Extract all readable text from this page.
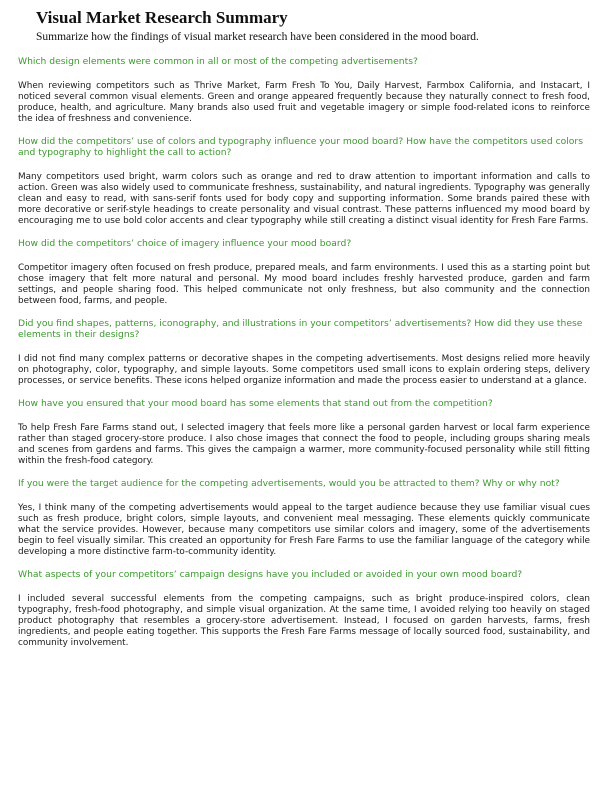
Visual Market Research Summary

Summarize how the findings of visual market research have been considered in the mood board.

Which design elements were common in all or most of the competing advertisements?

When reviewing competitors such as Thrive Market, Farm Fresh To You, Daily Harvest, Farmbox California, and Instacart, I noticed several common visual elements. Green and orange appeared frequently because they naturally connect to fresh food, produce, health, and agriculture. Many brands also used fruit and vegetable imagery or simple food-related icons to reinforce the idea of freshness and convenience.

How did the competitors’ use of colors and typography influence your mood board? How have the competitors used colors and typography to highlight the call to action?

Many competitors used bright, warm colors such as orange and red to draw attention to important information and calls to action. Green was also widely used to communicate freshness, sustainability, and natural ingredients. Typography was generally clean and easy to read, with sans-serif fonts used for body copy and supporting information. Some brands paired these with more decorative or serif-style headings to create personality and visual contrast. These patterns influenced my mood board by encouraging me to use bold color accents and clear typography while still creating a distinct visual identity for Fresh Fare Farms.

How did the competitors’ choice of imagery influence your mood board?

Competitor imagery often focused on fresh produce, prepared meals, and farm environments. I used this as a starting point but chose imagery that felt more natural and personal. My mood board includes freshly harvested produce, garden and farm settings, and people sharing food. This helped communicate not only freshness, but also community and the connection between food, farms, and people.

Did you find shapes, patterns, iconography, and illustrations in your competitors’ advertisements? How did they use these elements in their designs?

I did not find many complex patterns or decorative shapes in the competing advertisements. Most designs relied more heavily on photography, color, typography, and simple layouts. Some competitors used small icons to explain ordering steps, delivery processes, or service benefits. These icons helped organize information and made the process easier to understand at a glance.

How have you ensured that your mood board has some elements that stand out from the competition?

To help Fresh Fare Farms stand out, I selected imagery that feels more like a personal garden harvest or local farm experience rather than staged grocery-store produce. I also chose images that connect the food to people, including groups sharing meals and scenes from gardens and farms. This gives the campaign a warmer, more community-focused personality while still fitting within the fresh-food category.

If you were the target audience for the competing advertisements, would you be attracted to them? Why or why not?

Yes, I think many of the competing advertisements would appeal to the target audience because they use familiar visual cues such as fresh produce, bright colors, simple layouts, and convenient meal messaging. These elements quickly communicate what the service provides. However, because many competitors use similar colors and imagery, some of the advertisements begin to feel visually similar. This created an opportunity for Fresh Fare Farms to use the familiar language of the category while developing a more distinctive farm-to-community identity.

What aspects of your competitors’ campaign designs have you included or avoided in your own mood board?

I included several successful elements from the competing campaigns, such as bright produce-inspired colors, clean typography, fresh-food photography, and simple visual organization. At the same time, I avoided relying too heavily on staged product photography that resembles a grocery-store advertisement. Instead, I focused on garden harvests, farms, fresh ingredients, and people eating together. This supports the Fresh Fare Farms message of locally sourced food, sustainability, and community involvement.
